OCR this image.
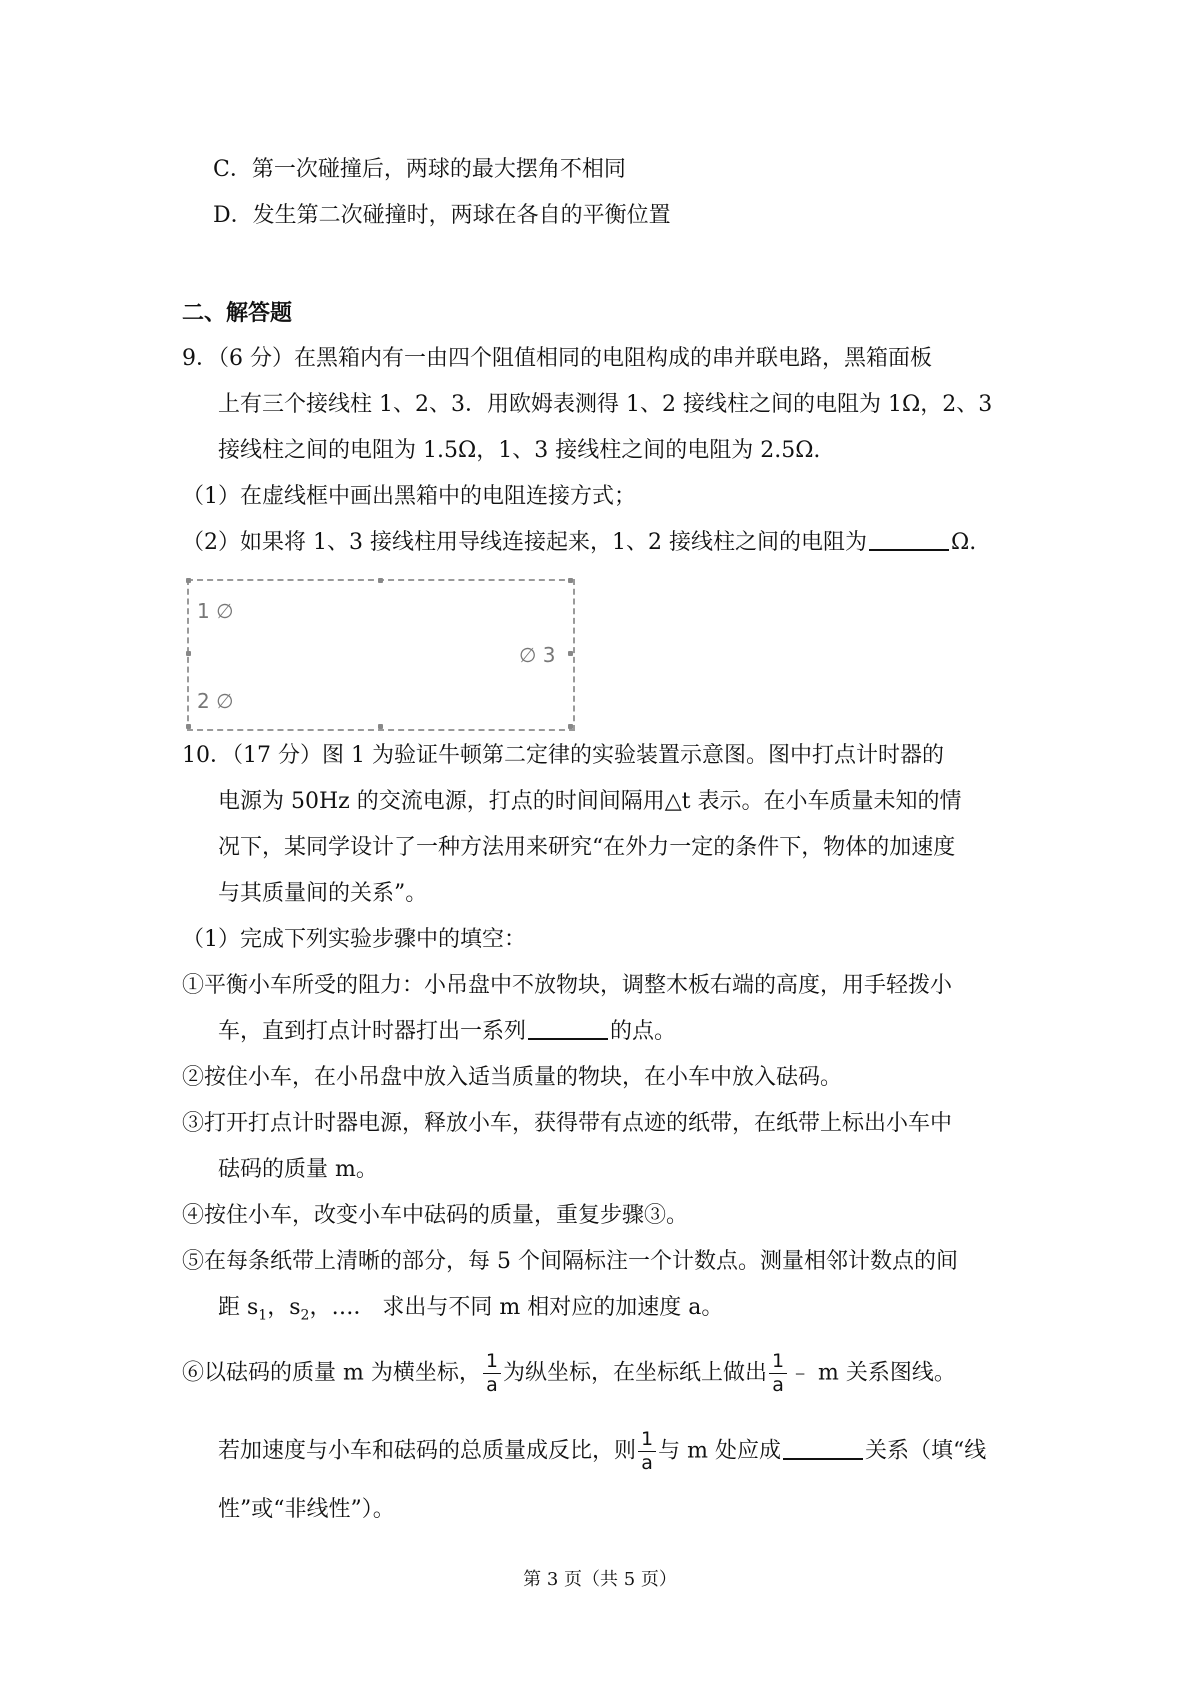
C．第一次碰撞后，两球的最大摆角不相同
D．发生第二次碰撞时，两球在各自的平衡位置
二、解答题
9．（6 分）在黑箱内有一由四个阻值相同的电阻构成的串并联电路，黑箱面板
上有三个接线柱 1、2、3．用欧姆表测得 1、2 接线柱之间的电阻为 1Ω，2、3
接线柱之间的电阻为 1.5Ω，1、3 接线柱之间的电阻为 2.5Ω.
（1）在虚线框中画出黑箱中的电阻连接方式；
（2）如果将 1、3 接线柱用导线连接起来，1、2 接线柱之间的电阻为	Ω.
1 ∅
2 ∅
∅ 3
10．（17 分）图 1 为验证牛顿第二定律的实验装置示意图。图中打点计时器的
电源为 50Hz 的交流电源，打点的时间间隔用△t 表示。在小车质量未知的情
况下，某同学设计了一种方法用来研究“在外力一定的条件下，物体的加速度
与其质量间的关系”。
（1）完成下列实验步骤中的填空：
①平衡小车所受的阻力：小吊盘中不放物块，调整木板右端的高度，用手轻拨小
车，直到打点计时器打出一系列	的点。
②按住小车，在小吊盘中放入适当质量的物块，在小车中放入砝码。
③打开打点计时器电源，释放小车，获得带有点迹的纸带，在纸带上标出小车中
砝码的质量 m。
④按住小车，改变小车中砝码的质量，重复步骤③。
⑤在每条纸带上清晰的部分，每 5 个间隔标注一个计数点。测量相邻计数点的间
距 $s_1$，$s_2$，…． 求出与不同 m 相对应的加速度 a。
⑥以砝码的质量 m 为横坐标， $\frac{1}{a}$ 为纵坐标，在坐标纸上做出 $\frac{1}{a}$ ﹣ m 关系图线。
若加速度与小车和砝码的总质量成反比，则 $\frac{1}{a}$ 与 m 处应成	关系（填“线
性”或“非线性”）。
第 3 页（共 5 页）
